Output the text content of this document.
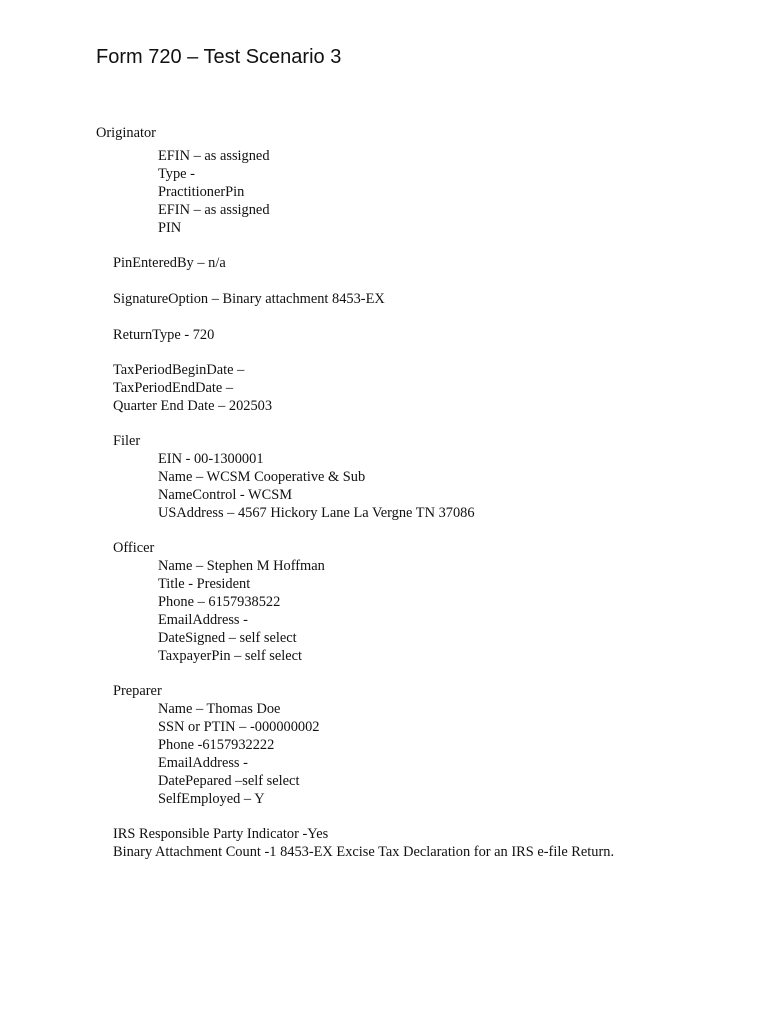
Form 720 – Test Scenario 3
Originator
EFIN – as assigned
Type -
PractitionerPin
EFIN – as assigned
PIN
PinEnteredBy – n/a
SignatureOption – Binary attachment 8453-EX
ReturnType - 720
TaxPeriodBeginDate –
TaxPeriodEndDate –
Quarter End Date – 202503
Filer
EIN - 00-1300001
Name – WCSM Cooperative & Sub
NameControl - WCSM
USAddress – 4567 Hickory Lane La Vergne TN 37086
Officer
Name – Stephen M Hoffman
Title - President
Phone – 6157938522
EmailAddress -
DateSigned – self select
TaxpayerPin – self select
Preparer
Name – Thomas Doe
SSN or PTIN – -000000002
Phone -6157932222
EmailAddress -
DatePepared –self select
SelfEmployed – Y
IRS Responsible Party Indicator -Yes
Binary Attachment Count -1 8453-EX Excise Tax Declaration for an IRS e-file Return.
